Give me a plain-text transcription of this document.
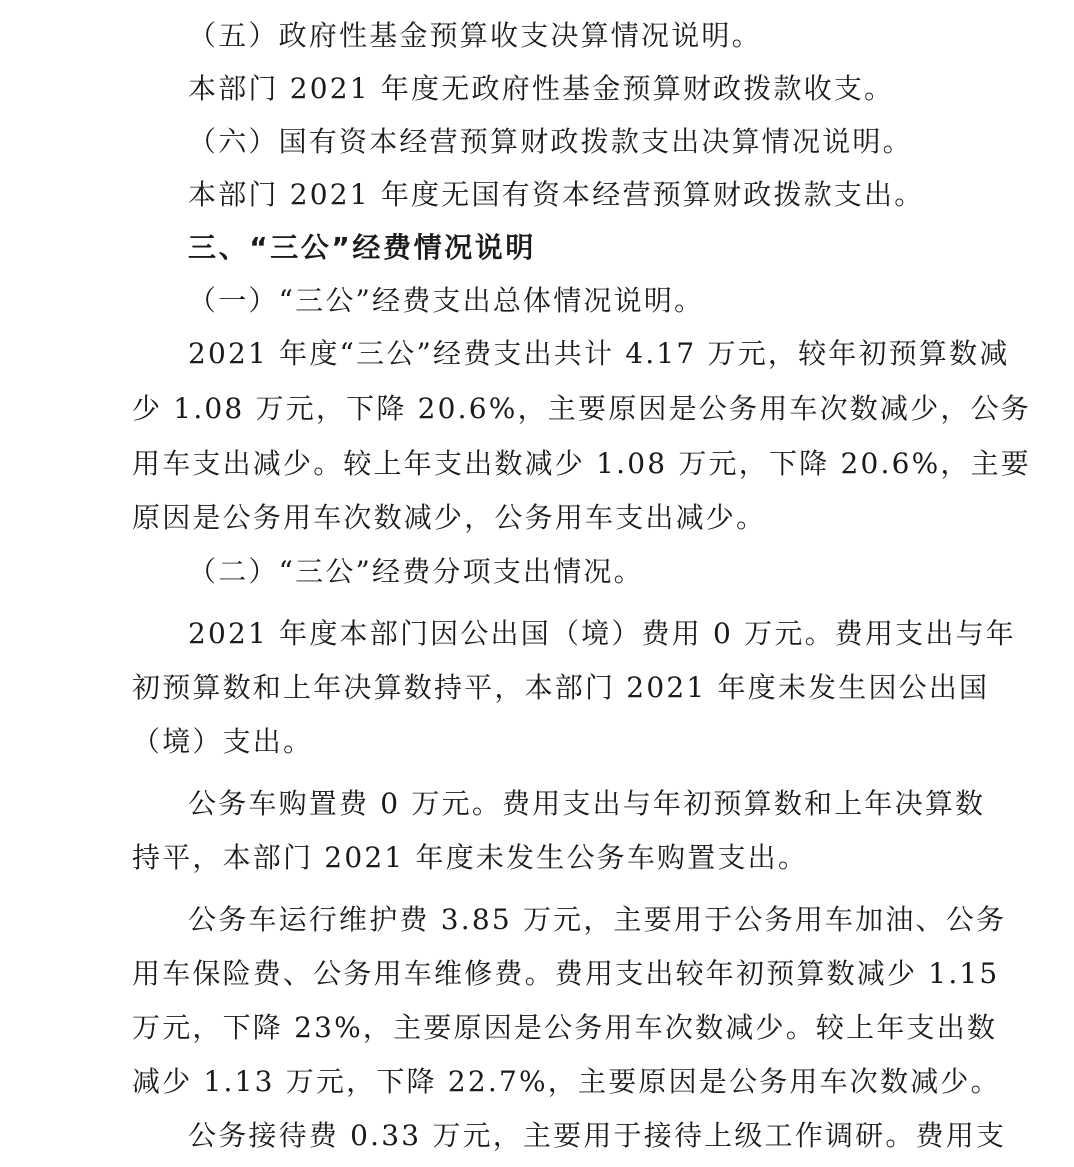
（五）政府性基金预算收支决算情况说明。
本部门 2021 年度无政府性基金预算财政拨款收支。
（六）国有资本经营预算财政拨款支出决算情况说明。
本部门 2021 年度无国有资本经营预算财政拨款支出。
三、“三公”经费情况说明
（一）“三公”经费支出总体情况说明。
2021 年度“三公”经费支出共计 4.17 万元，较年初预算数减
少 1.08 万元，下降 20.6%，主要原因是公务用车次数减少，公务
用车支出减少。较上年支出数减少 1.08 万元，下降 20.6%，主要
原因是公务用车次数减少，公务用车支出减少。
（二）“三公”经费分项支出情况。
2021 年度本部门因公出国（境）费用 0 万元。费用支出与年
初预算数和上年决算数持平，本部门 2021 年度未发生因公出国
（境）支出。
公务车购置费 0 万元。费用支出与年初预算数和上年决算数
持平，本部门 2021 年度未发生公务车购置支出。
公务车运行维护费 3.85 万元，主要用于公务用车加油、公务
用车保险费、公务用车维修费。费用支出较年初预算数减少 1.15
万元，下降 23%，主要原因是公务用车次数减少。较上年支出数
减少 1.13 万元，下降 22.7%，主要原因是公务用车次数减少。
公务接待费 0.33 万元，主要用于接待上级工作调研。费用支
